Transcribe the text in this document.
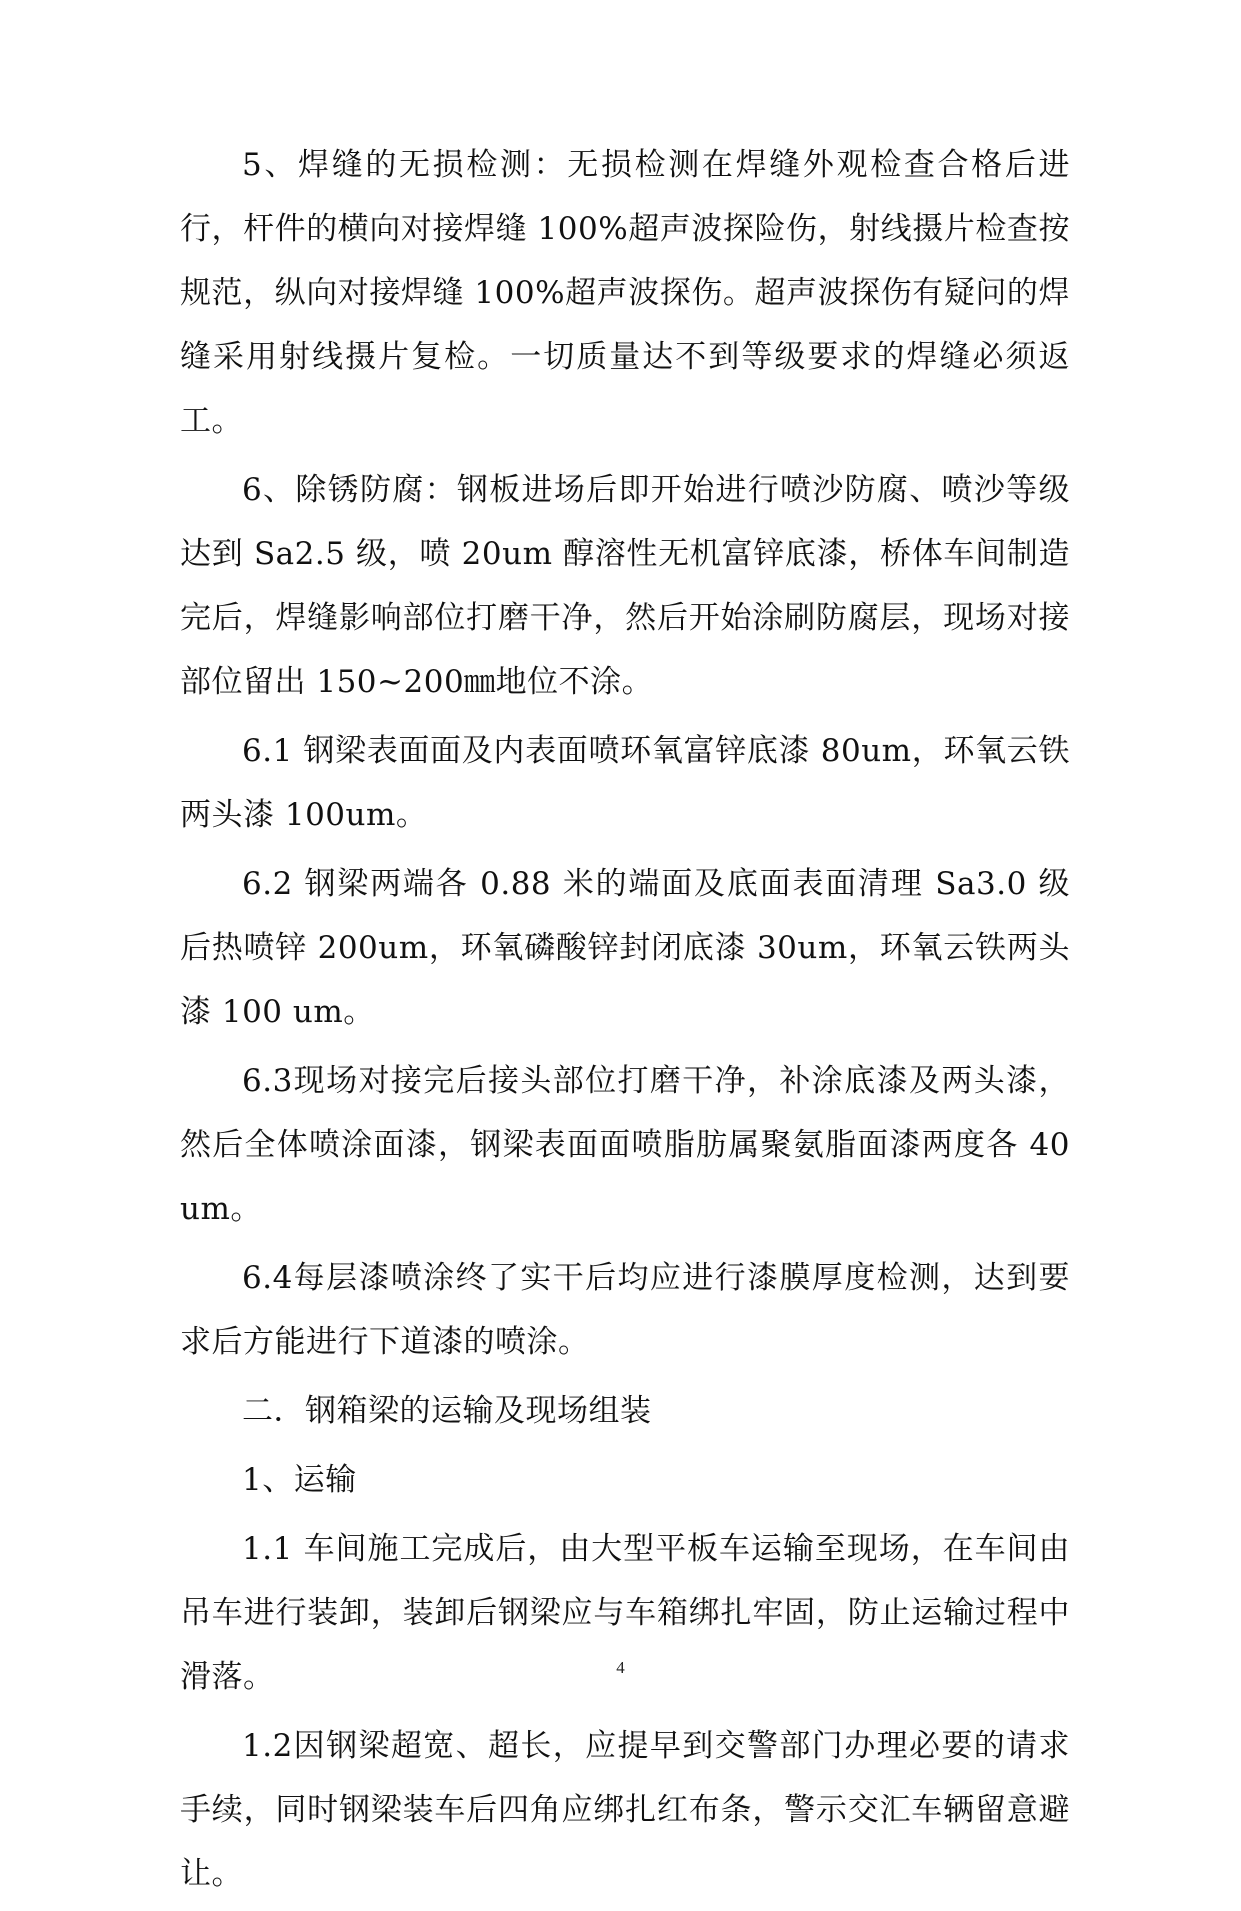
5、焊缝的无损检测：无损检测在焊缝外观检查合格后进行，杆件的横向对接焊缝 100%超声波探险伤，射线摄片检查按规范，纵向对接焊缝 100%超声波探伤。超声波探伤有疑问的焊缝采用射线摄片复检。一切质量达不到等级要求的焊缝必须返工。

6、除锈防腐：钢板进场后即开始进行喷沙防腐、喷沙等级达到 Sa2.5 级，喷 20um 醇溶性无机富锌底漆，桥体车间制造完后，焊缝影响部位打磨干净，然后开始涂刷防腐层，现场对接部位留出 150~200㎜地位不涂。

6.1 钢梁表面面及内表面喷环氧富锌底漆 80um，环氧云铁两头漆 100um。

6.2 钢梁两端各 0.88 米的端面及底面表面清理 Sa3.0 级后热喷锌 200um，环氧磷酸锌封闭底漆 30um，环氧云铁两头漆 100 um。

6.3现场对接完后接头部位打磨干净，补涂底漆及两头漆，然后全体喷涂面漆，钢梁表面面喷脂肪属聚氨脂面漆两度各 40 um。

6.4每层漆喷涂终了实干后均应进行漆膜厚度检测，达到要求后方能进行下道漆的喷涂。

二．钢箱梁的运输及现场组装

1、运输

1.1 车间施工完成后，由大型平板车运输至现场，在车间由吊车进行装卸，装卸后钢梁应与车箱绑扎牢固，防止运输过程中滑落。

1.2因钢梁超宽、超长，应提早到交警部门办理必要的请求手续，同时钢梁装车后四角应绑扎红布条，警示交汇车辆留意避让。

4
